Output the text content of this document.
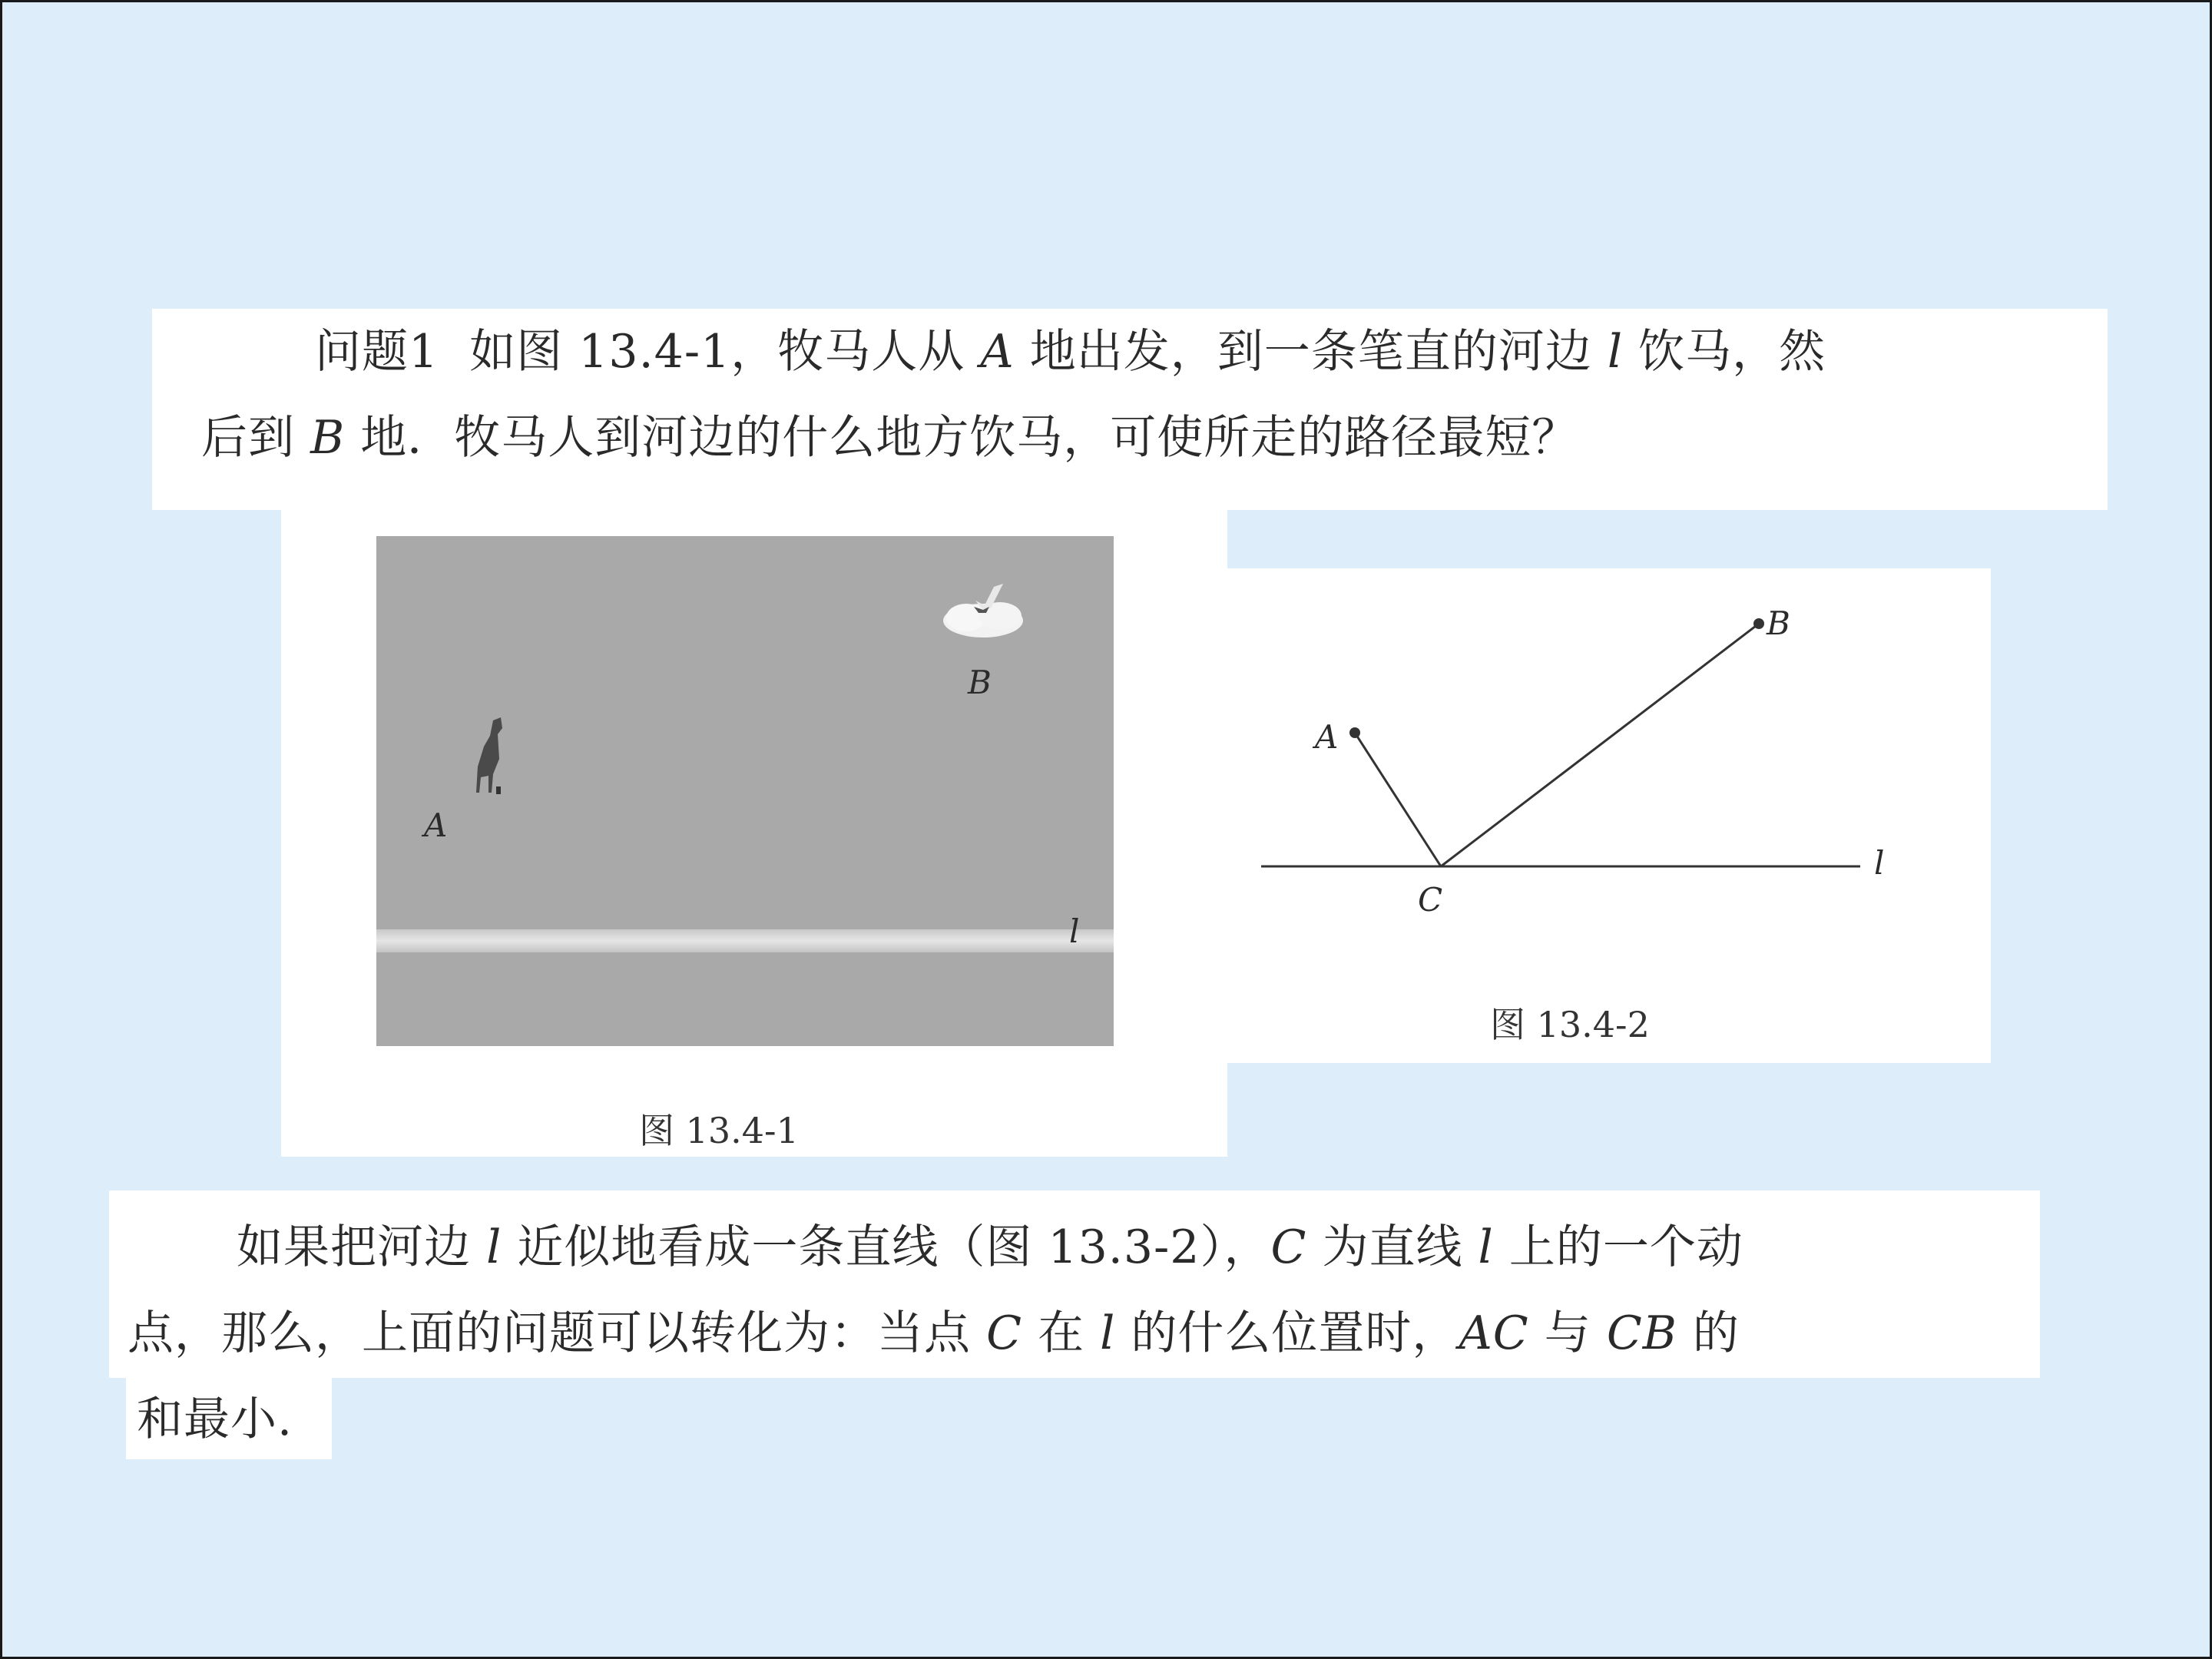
问题1 如图 13.4-1，牧马人从 A 地出发，到一条笔直的河边 l 饮马，然
后到 B 地．牧马人到河边的什么地方饮马，可使所走的路径最短？
B
A
l
图 13.4-1
A
B
C
l
图 13.4-2
如果把河边 l 近似地看成一条直线（图 13.3-2），C 为直线 l 上的一个动
点，那么，上面的问题可以转化为：当点 C 在 l 的什么位置时，AC 与 CB 的
和最小.
